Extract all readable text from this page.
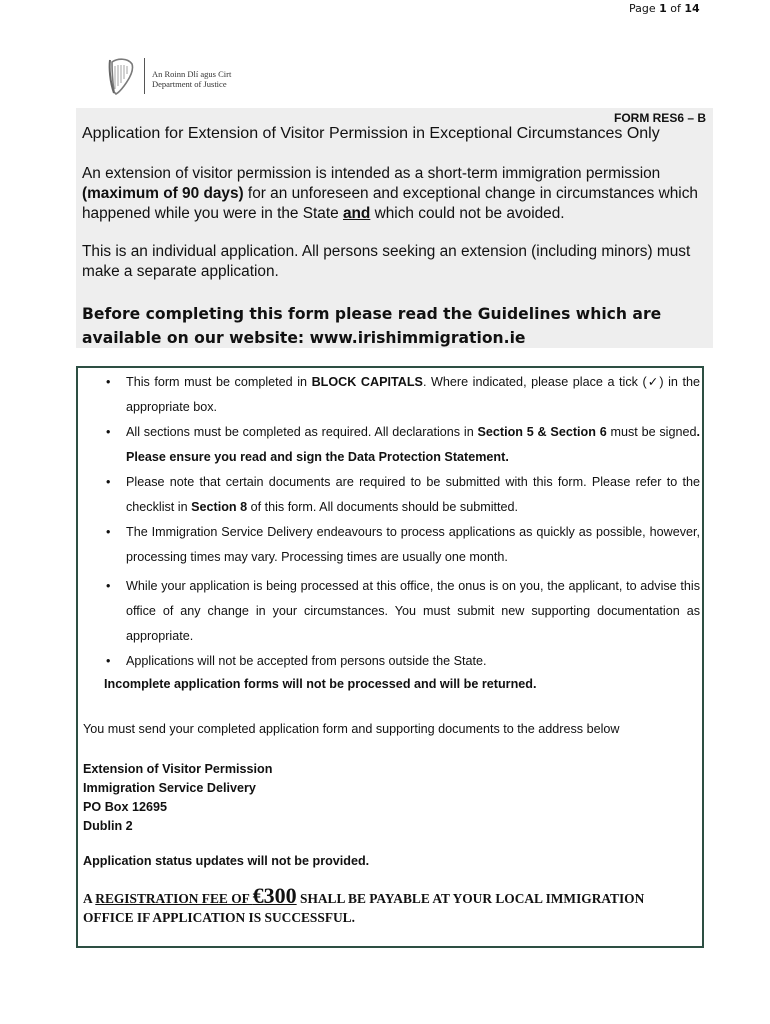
Page 1 of 14
An Roinn Dlí agus Cirt
Department of Justice
FORM RES6 – B
Application for Extension of Visitor Permission in Exceptional Circumstances Only
An extension of visitor permission is intended as a short-term immigration permission (maximum of 90 days) for an unforeseen and exceptional change in circumstances which happened while you were in the State and which could not be avoided.
This is an individual application. All persons seeking an extension (including minors) must make a separate application.
Before completing this form please read the Guidelines which are available on our website: www.irishimmigration.ie
• This form must be completed in BLOCK CAPITALS. Where indicated, please place a tick (✓) in the appropriate box.
• All sections must be completed as required. All declarations in Section 5 & Section 6 must be signed. Please ensure you read and sign the Data Protection Statement.
• Please note that certain documents are required to be submitted with this form. Please refer to the checklist in Section 8 of this form. All documents should be submitted.
• The Immigration Service Delivery endeavours to process applications as quickly as possible, however, processing times may vary. Processing times are usually one month.
• While your application is being processed at this office, the onus is on you, the applicant, to advise this office of any change in your circumstances. You must submit new supporting documentation as appropriate.
• Applications will not be accepted from persons outside the State.
Incomplete application forms will not be processed and will be returned.
You must send your completed application form and supporting documents to the address below
Extension of Visitor Permission
Immigration Service Delivery
PO Box 12695
Dublin 2
Application status updates will not be provided.
A REGISTRATION FEE OF €300 SHALL BE PAYABLE AT YOUR LOCAL IMMIGRATION OFFICE IF APPLICATION IS SUCCESSFUL.
